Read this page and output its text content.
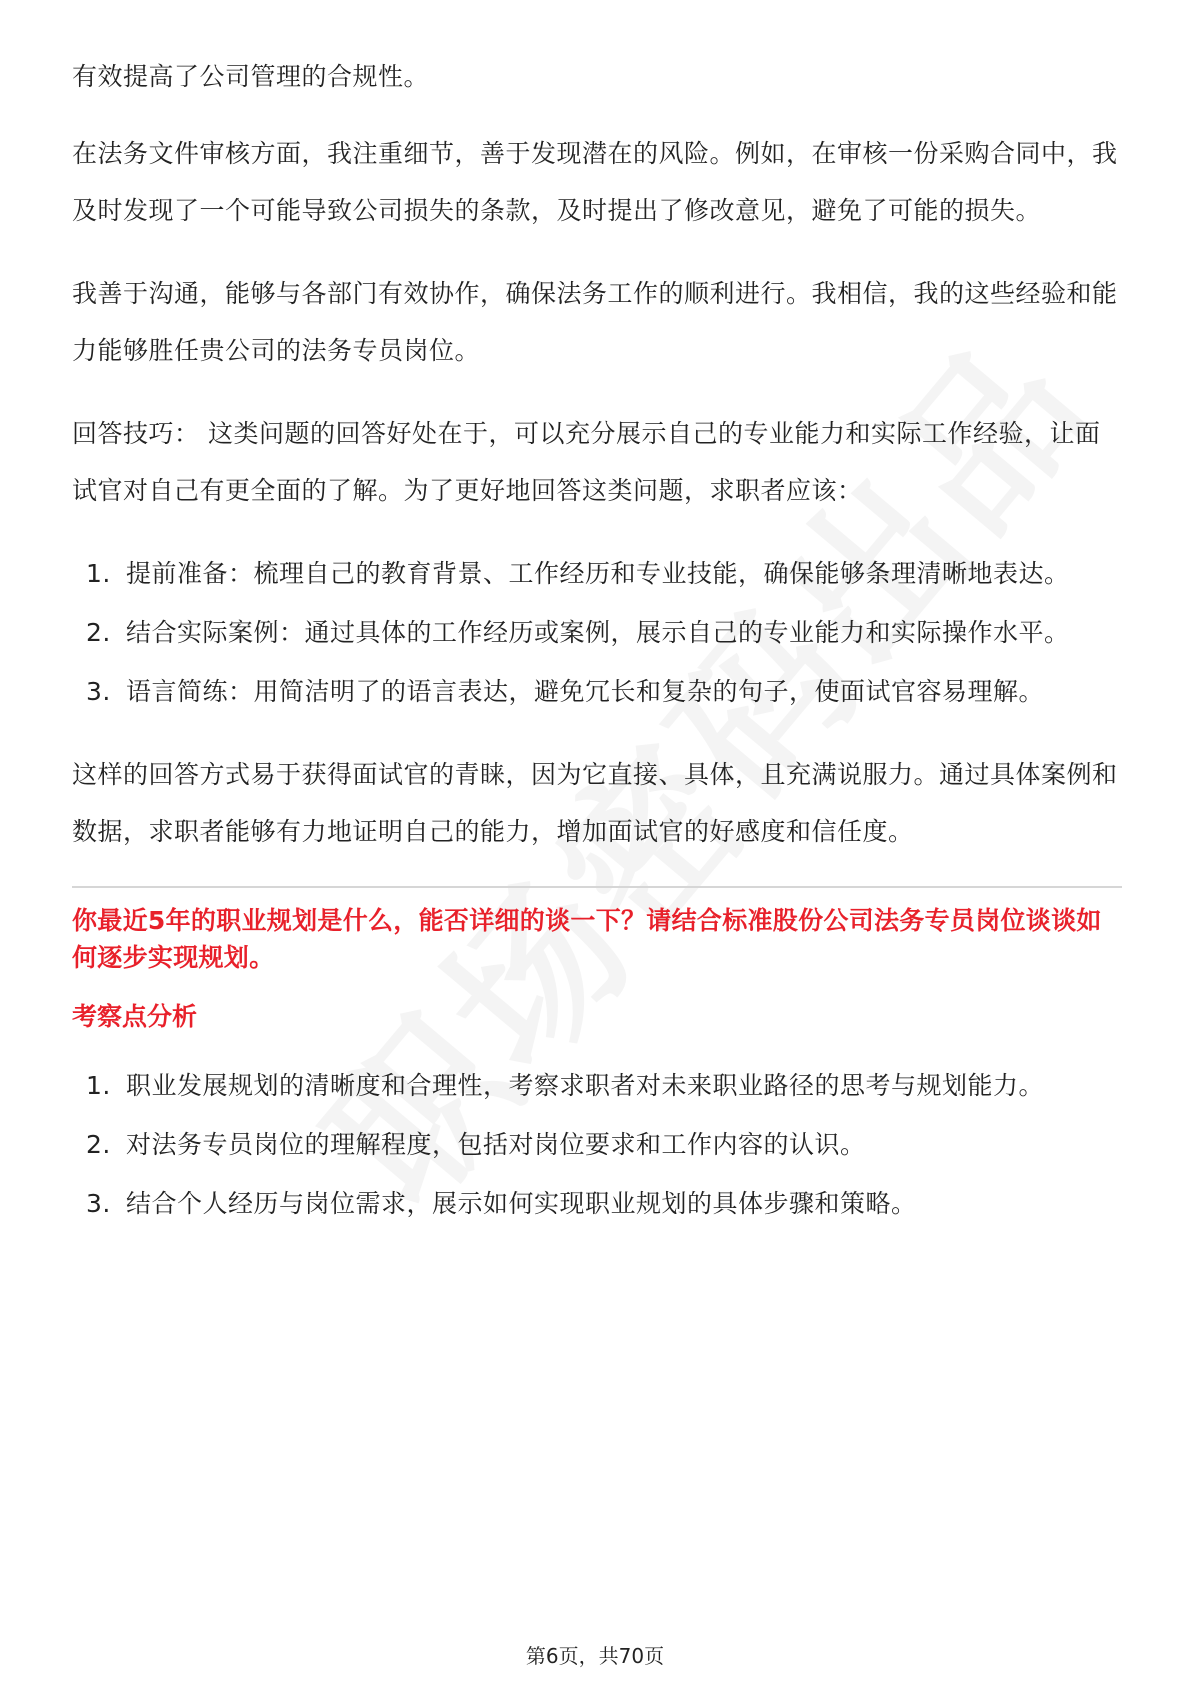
有效提高了公司管理的合规性。

在法务文件审核方面，我注重细节，善于发现潜在的风险。例如，在审核一份采购合同中，我及时发现了一个可能导致公司损失的条款，及时提出了修改意见，避免了可能的损失。

我善于沟通，能够与各部门有效协作，确保法务工作的顺利进行。我相信，我的这些经验和能力能够胜任贵公司的法务专员岗位。

回答技巧： 这类问题的回答好处在于，可以充分展示自己的专业能力和实际工作经验，让面试官对自己有更全面的了解。为了更好地回答这类问题，求职者应该：

1. 提前准备：梳理自己的教育背景、工作经历和专业技能，确保能够条理清晰地表达。
2. 结合实际案例：通过具体的工作经历或案例，展示自己的专业能力和实际操作水平。
3. 语言简练：用简洁明了的语言表达，避免冗长和复杂的句子，使面试官容易理解。

这样的回答方式易于获得面试官的青睐，因为它直接、具体，且充满说服力。通过具体案例和数据，求职者能够有力地证明自己的能力，增加面试官的好感度和信任度。

你最近5年的职业规划是什么，能否详细的谈一下？请结合标准股份公司法务专员岗位谈谈如何逐步实现规划。

考察点分析

1. 职业发展规划的清晰度和合理性，考察求职者对未来职业路径的思考与规划能力。
2. 对法务专员岗位的理解程度，包括对岗位要求和工作内容的认识。
3. 结合个人经历与岗位需求，展示如何实现职业规划的具体步骤和策略。
第6页，共70页
